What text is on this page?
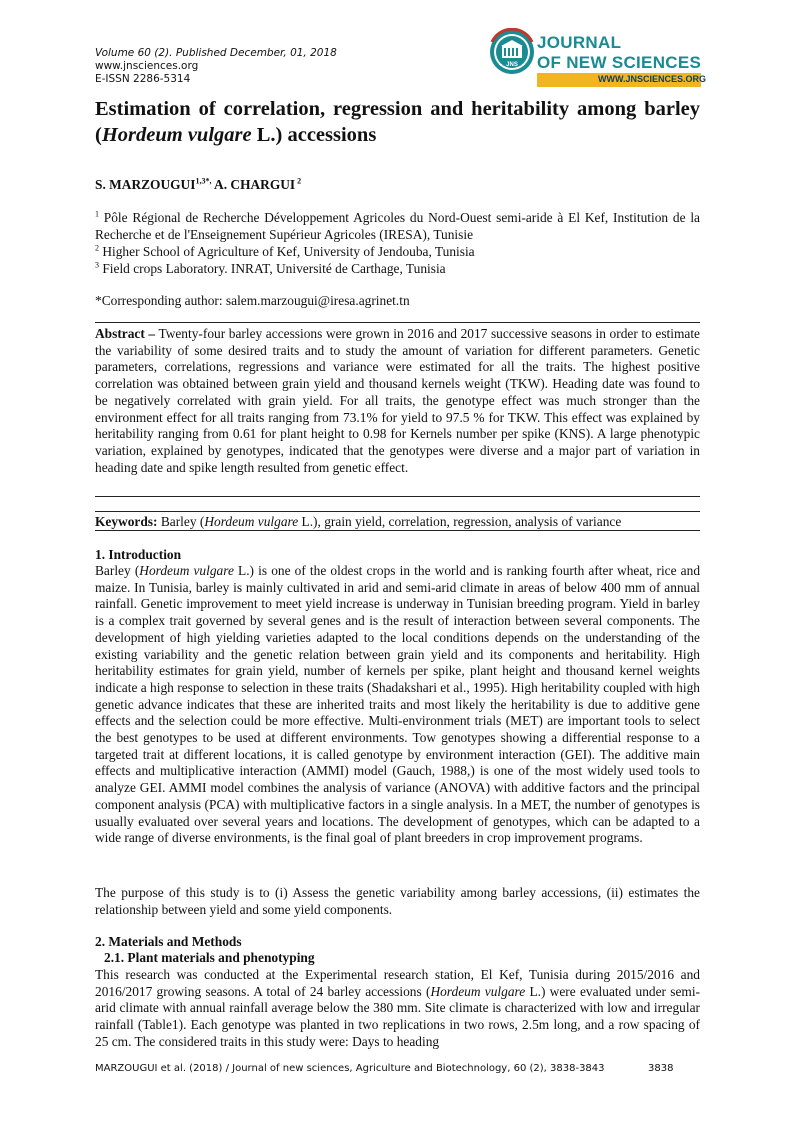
Volume 60 (2). Published December, 01, 2018
www.jnsciences.org
E-ISSN 2286-5314
JNS
JOURNAL
OF NEW SCIENCES
WWW.JNSCIENCES.ORG
Estimation of correlation, regression and heritability among barley (Hordeum vulgare L.) accessions
S. $MARZOUGUI^{1,3*,}$ A. CHARGUI $^2$
$^1$ Pôle Régional de Recherche Développement Agricoles du Nord-Ouest semi-aride à El Kef, Institution de la Recherche et de l'Enseignement Supérieur Agricoles (IRESA), Tunisie
$^2$ Higher School of Agriculture of Kef, University of Jendouba, Tunisia
$^3$ Field crops Laboratory. INRAT, Université de Carthage, Tunisia
*Corresponding author: salem.marzougui@iresa.agrinet.tn
Abstract – Twenty-four barley accessions were grown in 2016 and 2017 successive seasons in order to estimate the variability of some desired traits and to study the amount of variation for different parameters. Genetic parameters, correlations, regressions and variance were estimated for all the traits. The highest positive correlation was obtained between grain yield and thousand kernels weight (TKW). Heading date was found to be negatively correlated with grain yield. For all traits, the genotype effect was much stronger than the environment effect for all traits ranging from 73.1% for yield to 97.5 % for TKW. This effect was explained by heritability ranging from 0.61 for plant height to 0.98 for Kernels number per spike (KNS). A large phenotypic variation, explained by genotypes, indicated that the genotypes were diverse and a major part of variation in heading date and spike length resulted from genetic effect.
Keywords: Barley (Hordeum vulgare L.), grain yield, correlation, regression, analysis of variance
1. Introduction
Barley (Hordeum vulgare L.) is one of the oldest crops in the world and is ranking fourth after wheat, rice and maize. In Tunisia, barley is mainly cultivated in arid and semi-arid climate in areas of below 400 mm of annual rainfall. Genetic improvement to meet yield increase is underway in Tunisian breeding program. Yield in barley is a complex trait governed by several genes and is the result of interaction between several components. The development of high yielding varieties adapted to the local conditions depends on the understanding of the existing variability and the genetic relation between grain yield and its components and heritability. High heritability estimates for grain yield, number of kernels per spike, plant height and thousand kernel weights indicate a high response to selection in these traits (Shadakshari et al., 1995). High heritability coupled with high genetic advance indicates that these are inherited traits and most likely the heritability is due to additive gene effects and the selection could be more effective. Multi-environment trials (MET) are important tools to select the best genotypes to be used at different environments. Tow genotypes showing a differential response to a targeted trait at different locations, it is called genotype by environment interaction (GEI). The additive main effects and multiplicative interaction (AMMI) model (Gauch, 1988,) is one of the most widely used tools to analyze GEI. AMMI model combines the analysis of variance (ANOVA) with additive factors and the principal component analysis (PCA) with multiplicative factors in a single analysis. In a MET, the number of genotypes is usually evaluated over several years and locations. The development of genotypes, which can be adapted to a wide range of diverse environments, is the final goal of plant breeders in crop improvement programs.
The purpose of this study is to (i) Assess the genetic variability among barley accessions, (ii) estimates the relationship between yield and some yield components.
2. Materials and Methods
2.1. Plant materials and phenotyping
This research was conducted at the Experimental research station, El Kef, Tunisia during 2015/2016 and 2016/2017 growing seasons. A total of 24 barley accessions (Hordeum vulgare L.) were evaluated under semi-arid climate with annual rainfall average below the 380 mm. Site climate is characterized with low and irregular rainfall (Table1). Each genotype was planted in two replications in two rows, 2.5m long, and a row spacing of 25 cm. The considered traits in this study were: Days to heading
MARZOUGUI et al. (2018) / Journal of new sciences, Agriculture and Biotechnology, 60 (2), 3838-3843	3838
